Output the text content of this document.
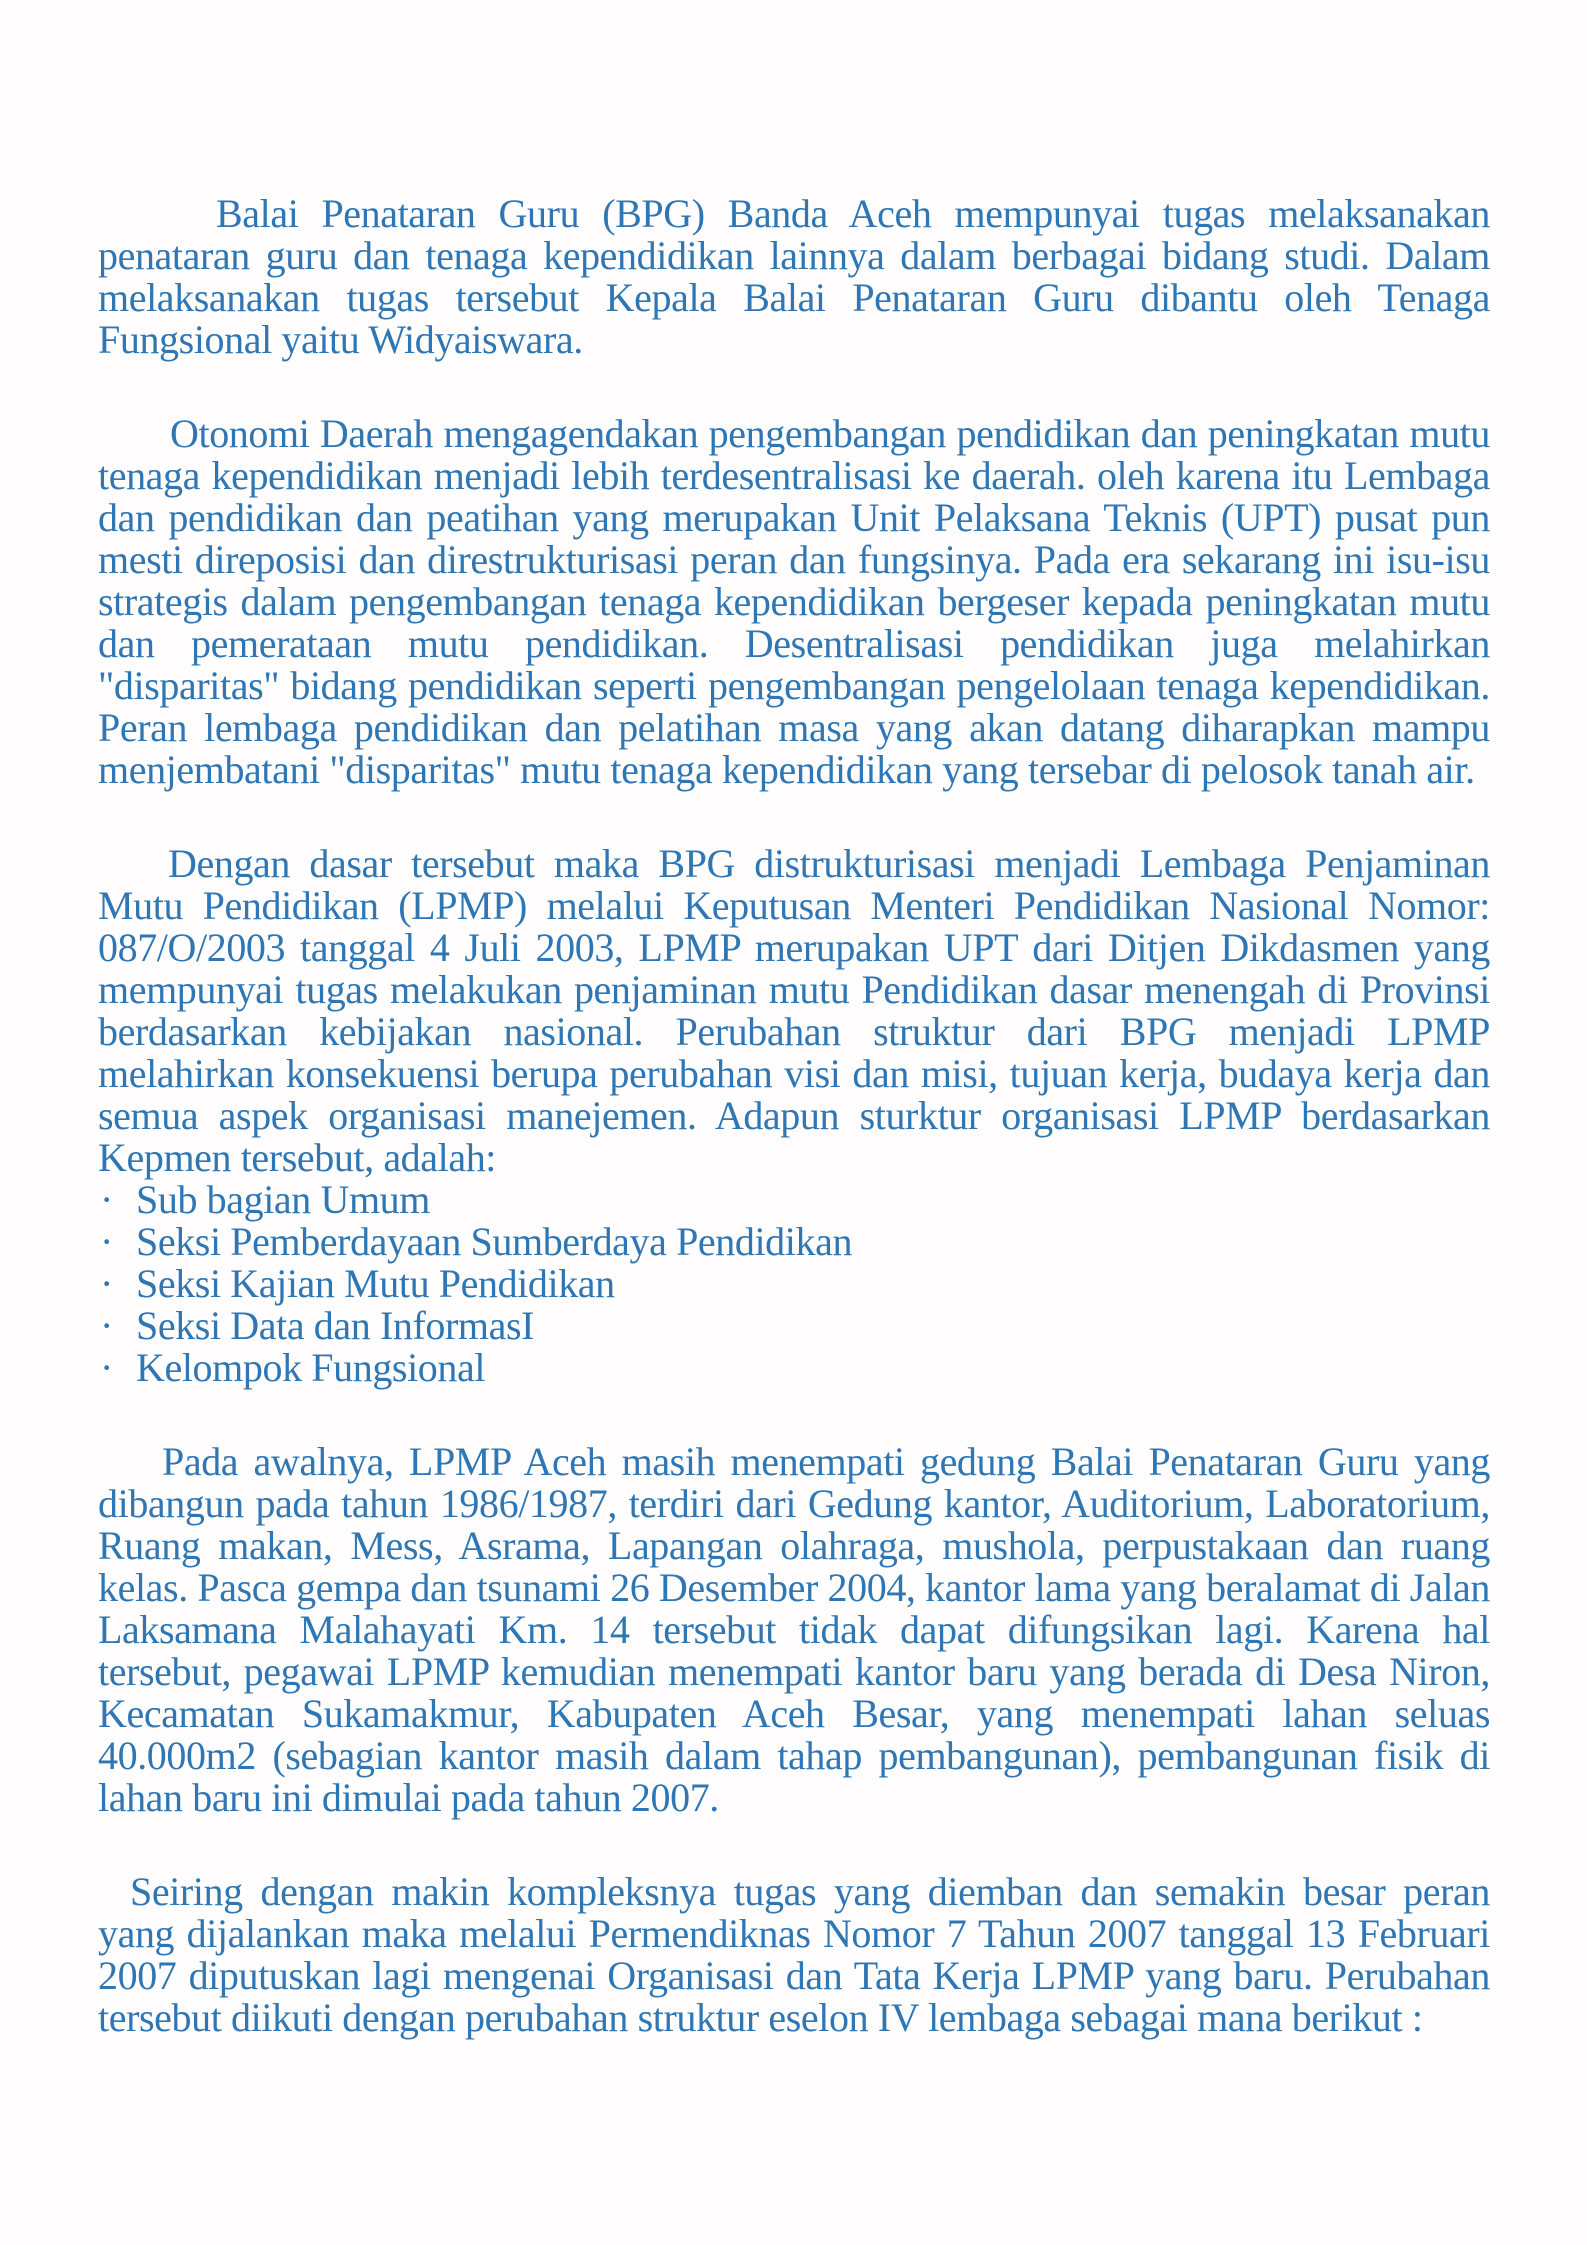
Balai Penataran Guru (BPG) Banda Aceh mempunyai tugas melaksanakan penataran guru dan tenaga kependidikan lainnya dalam berbagai bidang studi. Dalam melaksanakan tugas tersebut Kepala Balai Penataran Guru dibantu oleh Tenaga Fungsional yaitu Widyaiswara.

Otonomi Daerah mengagendakan pengembangan pendidikan dan peningkatan mutu tenaga kependidikan menjadi lebih terdesentralisasi ke daerah. oleh karena itu Lembaga dan pendidikan dan peatihan yang merupakan Unit Pelaksana Teknis (UPT) pusat pun mesti direposisi dan direstrukturisasi peran dan fungsinya. Pada era sekarang ini isu-isu strategis dalam pengembangan tenaga kependidikan bergeser kepada peningkatan mutu dan pemerataan mutu pendidikan. Desentralisasi pendidikan juga melahirkan "disparitas" bidang pendidikan seperti pengembangan pengelolaan tenaga kependidikan. Peran lembaga pendidikan dan pelatihan masa yang akan datang diharapkan mampu menjembatani "disparitas" mutu tenaga kependidikan yang tersebar di pelosok tanah air.

Dengan dasar tersebut maka BPG distrukturisasi menjadi Lembaga Penjaminan Mutu Pendidikan (LPMP) melalui Keputusan Menteri Pendidikan Nasional Nomor: 087/O/2003 tanggal 4 Juli 2003, LPMP merupakan UPT dari Ditjen Dikdasmen yang mempunyai tugas melakukan penjaminan mutu Pendidikan dasar menengah di Provinsi berdasarkan kebijakan nasional. Perubahan struktur dari BPG menjadi LPMP melahirkan konsekuensi berupa perubahan visi dan misi, tujuan kerja, budaya kerja dan semua aspek organisasi manejemen. Adapun sturktur organisasi LPMP berdasarkan Kepmen tersebut, adalah:

· Sub bagian Umum
· Seksi Pemberdayaan Sumberdaya Pendidikan
· Seksi Kajian Mutu Pendidikan
· Seksi Data dan InformasI
· Kelompok Fungsional

Pada awalnya, LPMP Aceh masih menempati gedung Balai Penataran Guru yang dibangun pada tahun 1986/1987, terdiri dari Gedung kantor, Auditorium, Laboratorium, Ruang makan, Mess, Asrama, Lapangan olahraga, mushola, perpustakaan dan ruang kelas. Pasca gempa dan tsunami 26 Desember 2004, kantor lama yang beralamat di Jalan Laksamana Malahayati Km. 14 tersebut tidak dapat difungsikan lagi. Karena hal tersebut, pegawai LPMP kemudian menempati kantor baru yang berada di Desa Niron, Kecamatan Sukamakmur, Kabupaten Aceh Besar, yang menempati lahan seluas 40.000m2 (sebagian kantor masih dalam tahap pembangunan), pembangunan fisik di lahan baru ini dimulai pada tahun 2007.

Seiring dengan makin kompleksnya tugas yang diemban dan semakin besar peran yang dijalankan maka melalui Permendiknas Nomor 7 Tahun 2007 tanggal 13 Februari 2007 diputuskan lagi mengenai Organisasi dan Tata Kerja LPMP yang baru. Perubahan tersebut diikuti dengan perubahan struktur eselon IV lembaga sebagai mana berikut :
